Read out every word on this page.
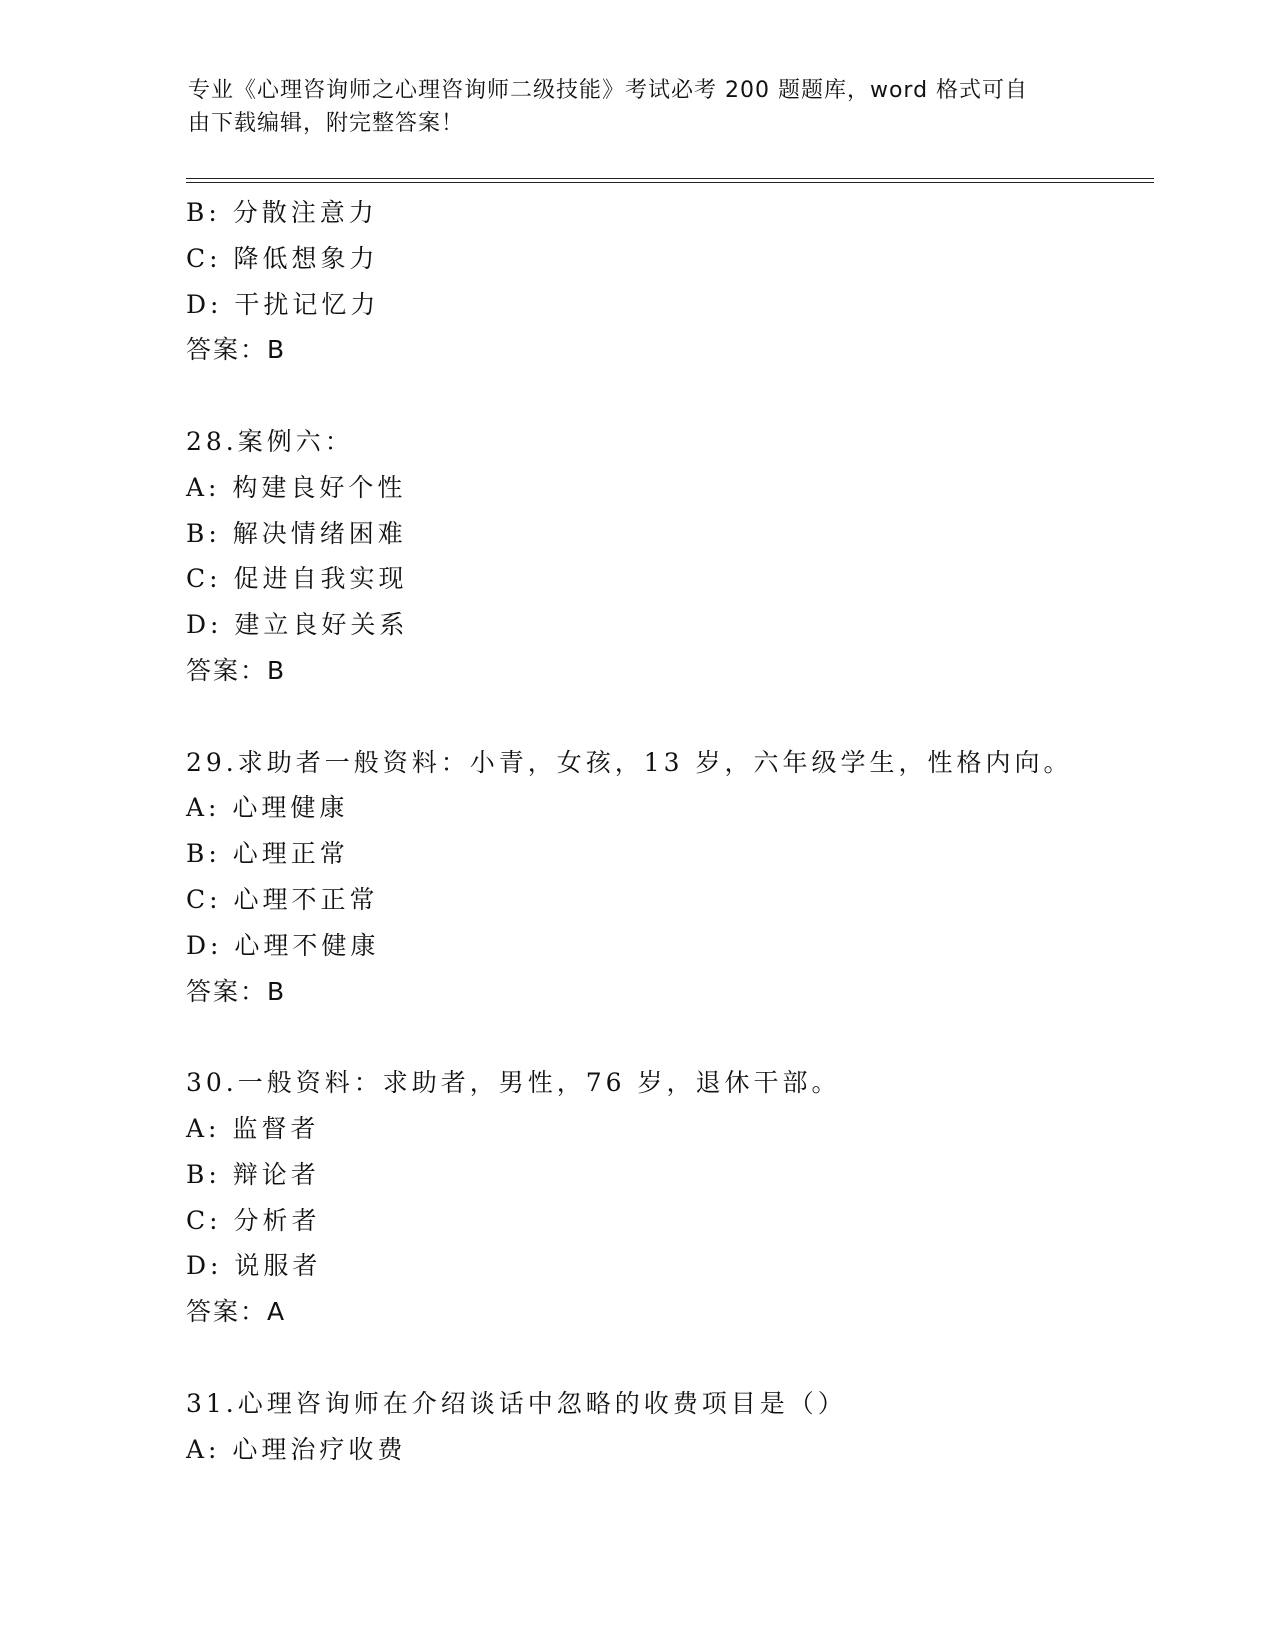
专业《心理咨询师之心理咨询师二级技能》考试必考 200 题题库，word 格式可自
由下载编辑，附完整答案！
B: 分散注意力
C: 降低想象力
D: 干扰记忆力
答案：B
28.案例六：
A: 构建良好个性
B: 解决情绪困难
C: 促进自我实现
D: 建立良好关系
答案：B
29.求助者一般资料：小青，女孩，13 岁，六年级学生，性格内向。
A: 心理健康
B: 心理正常
C: 心理不正常
D: 心理不健康
答案：B
30.一般资料：求助者，男性，76 岁，退休干部。
A: 监督者
B: 辩论者
C: 分析者
D: 说服者
答案：A
31.心理咨询师在介绍谈话中忽略的收费项目是（）
A: 心理治疗收费
